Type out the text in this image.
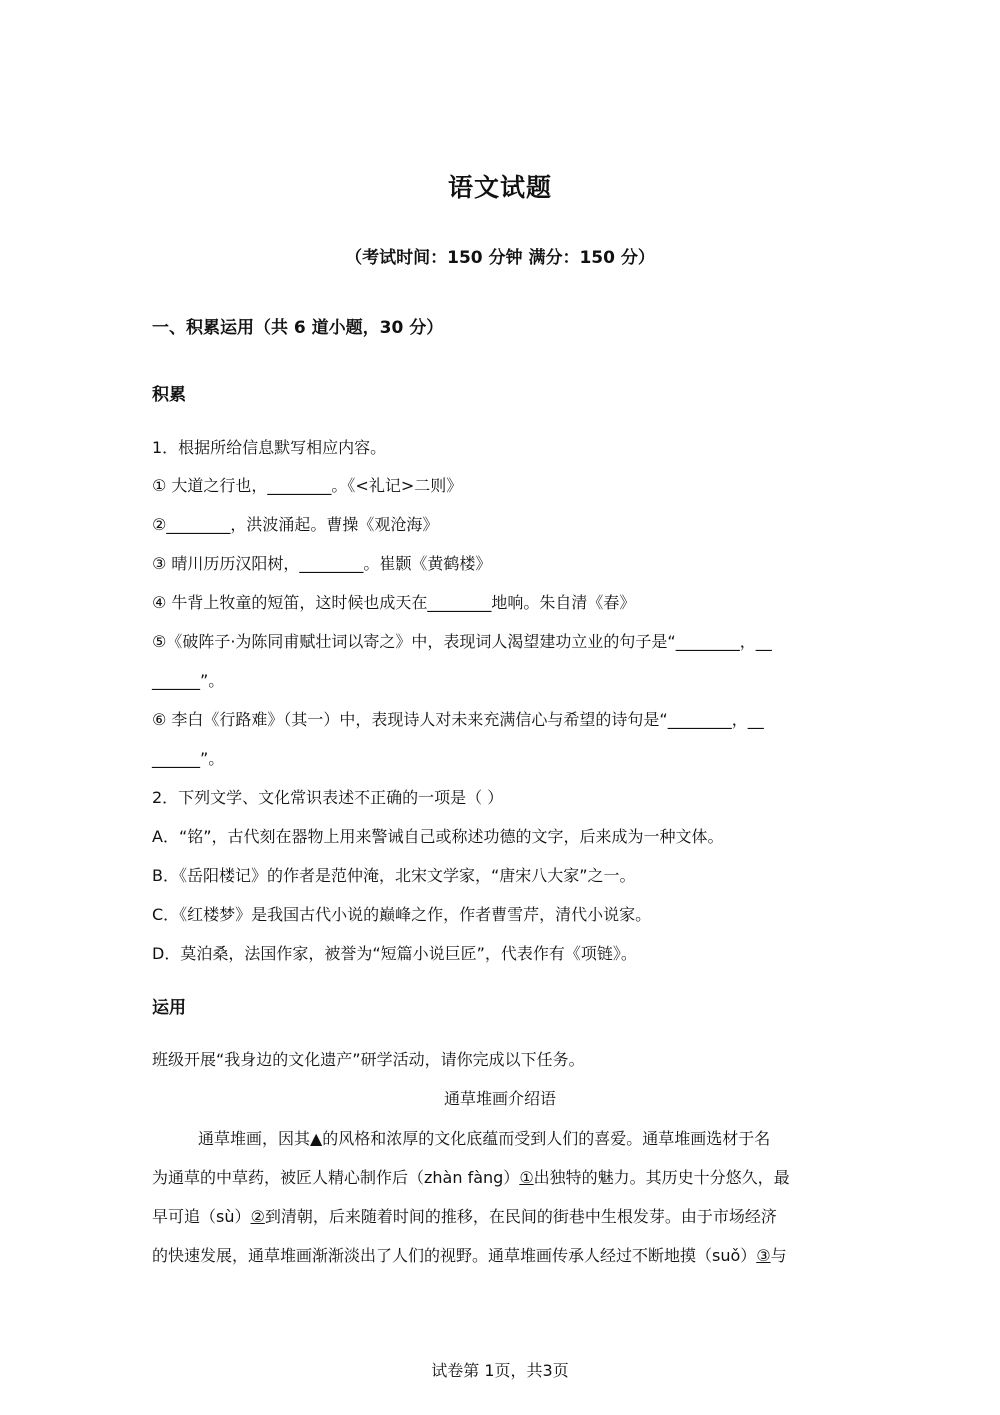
语文试题
（考试时间：150 分钟 满分：150 分）
一、积累运用（共 6 道小题，30 分）
积累
1．根据所给信息默写相应内容。
① 大道之行也，________。《<礼记>二则》
②________，洪波涌起。曹操《观沧海》
③ 晴川历历汉阳树，________。崔颢《黄鹤楼》
④ 牛背上牧童的短笛，这时候也成天在________地响。朱自清《春》
⑤《破阵子·为陈同甫赋壮词以寄之》中，表现词人渴望建功立业的句子是“________，__
______”。
⑥ 李白《行路难》（其一）中，表现诗人对未来充满信心与希望的诗句是“________，__
______”。
2．下列文学、文化常识表述不正确的一项是（ ）
A．“铭”，古代刻在器物上用来警诫自己或称述功德的文字，后来成为一种文体。
B．《岳阳楼记》的作者是范仲淹，北宋文学家，“唐宋八大家”之一。
C．《红楼梦》是我国古代小说的巅峰之作，作者曹雪芹，清代小说家。
D．莫泊桑，法国作家，被誉为“短篇小说巨匠”，代表作有《项链》。
运用
班级开展“我身边的文化遗产”研学活动，请你完成以下任务。
通草堆画介绍语
通草堆画，因其▲的风格和浓厚的文化底蕴而受到人们的喜爱。通草堆画选材于名
为通草的中草药，被匠人精心制作后（zhàn fàng）①出独特的魅力。其历史十分悠久，最
早可追（sù）②到清朝，后来随着时间的推移，在民间的街巷中生根发芽。由于市场经济
的快速发展，通草堆画渐渐淡出了人们的视野。通草堆画传承人经过不断地摸（suǒ）③与
试卷第 1页，共3页
